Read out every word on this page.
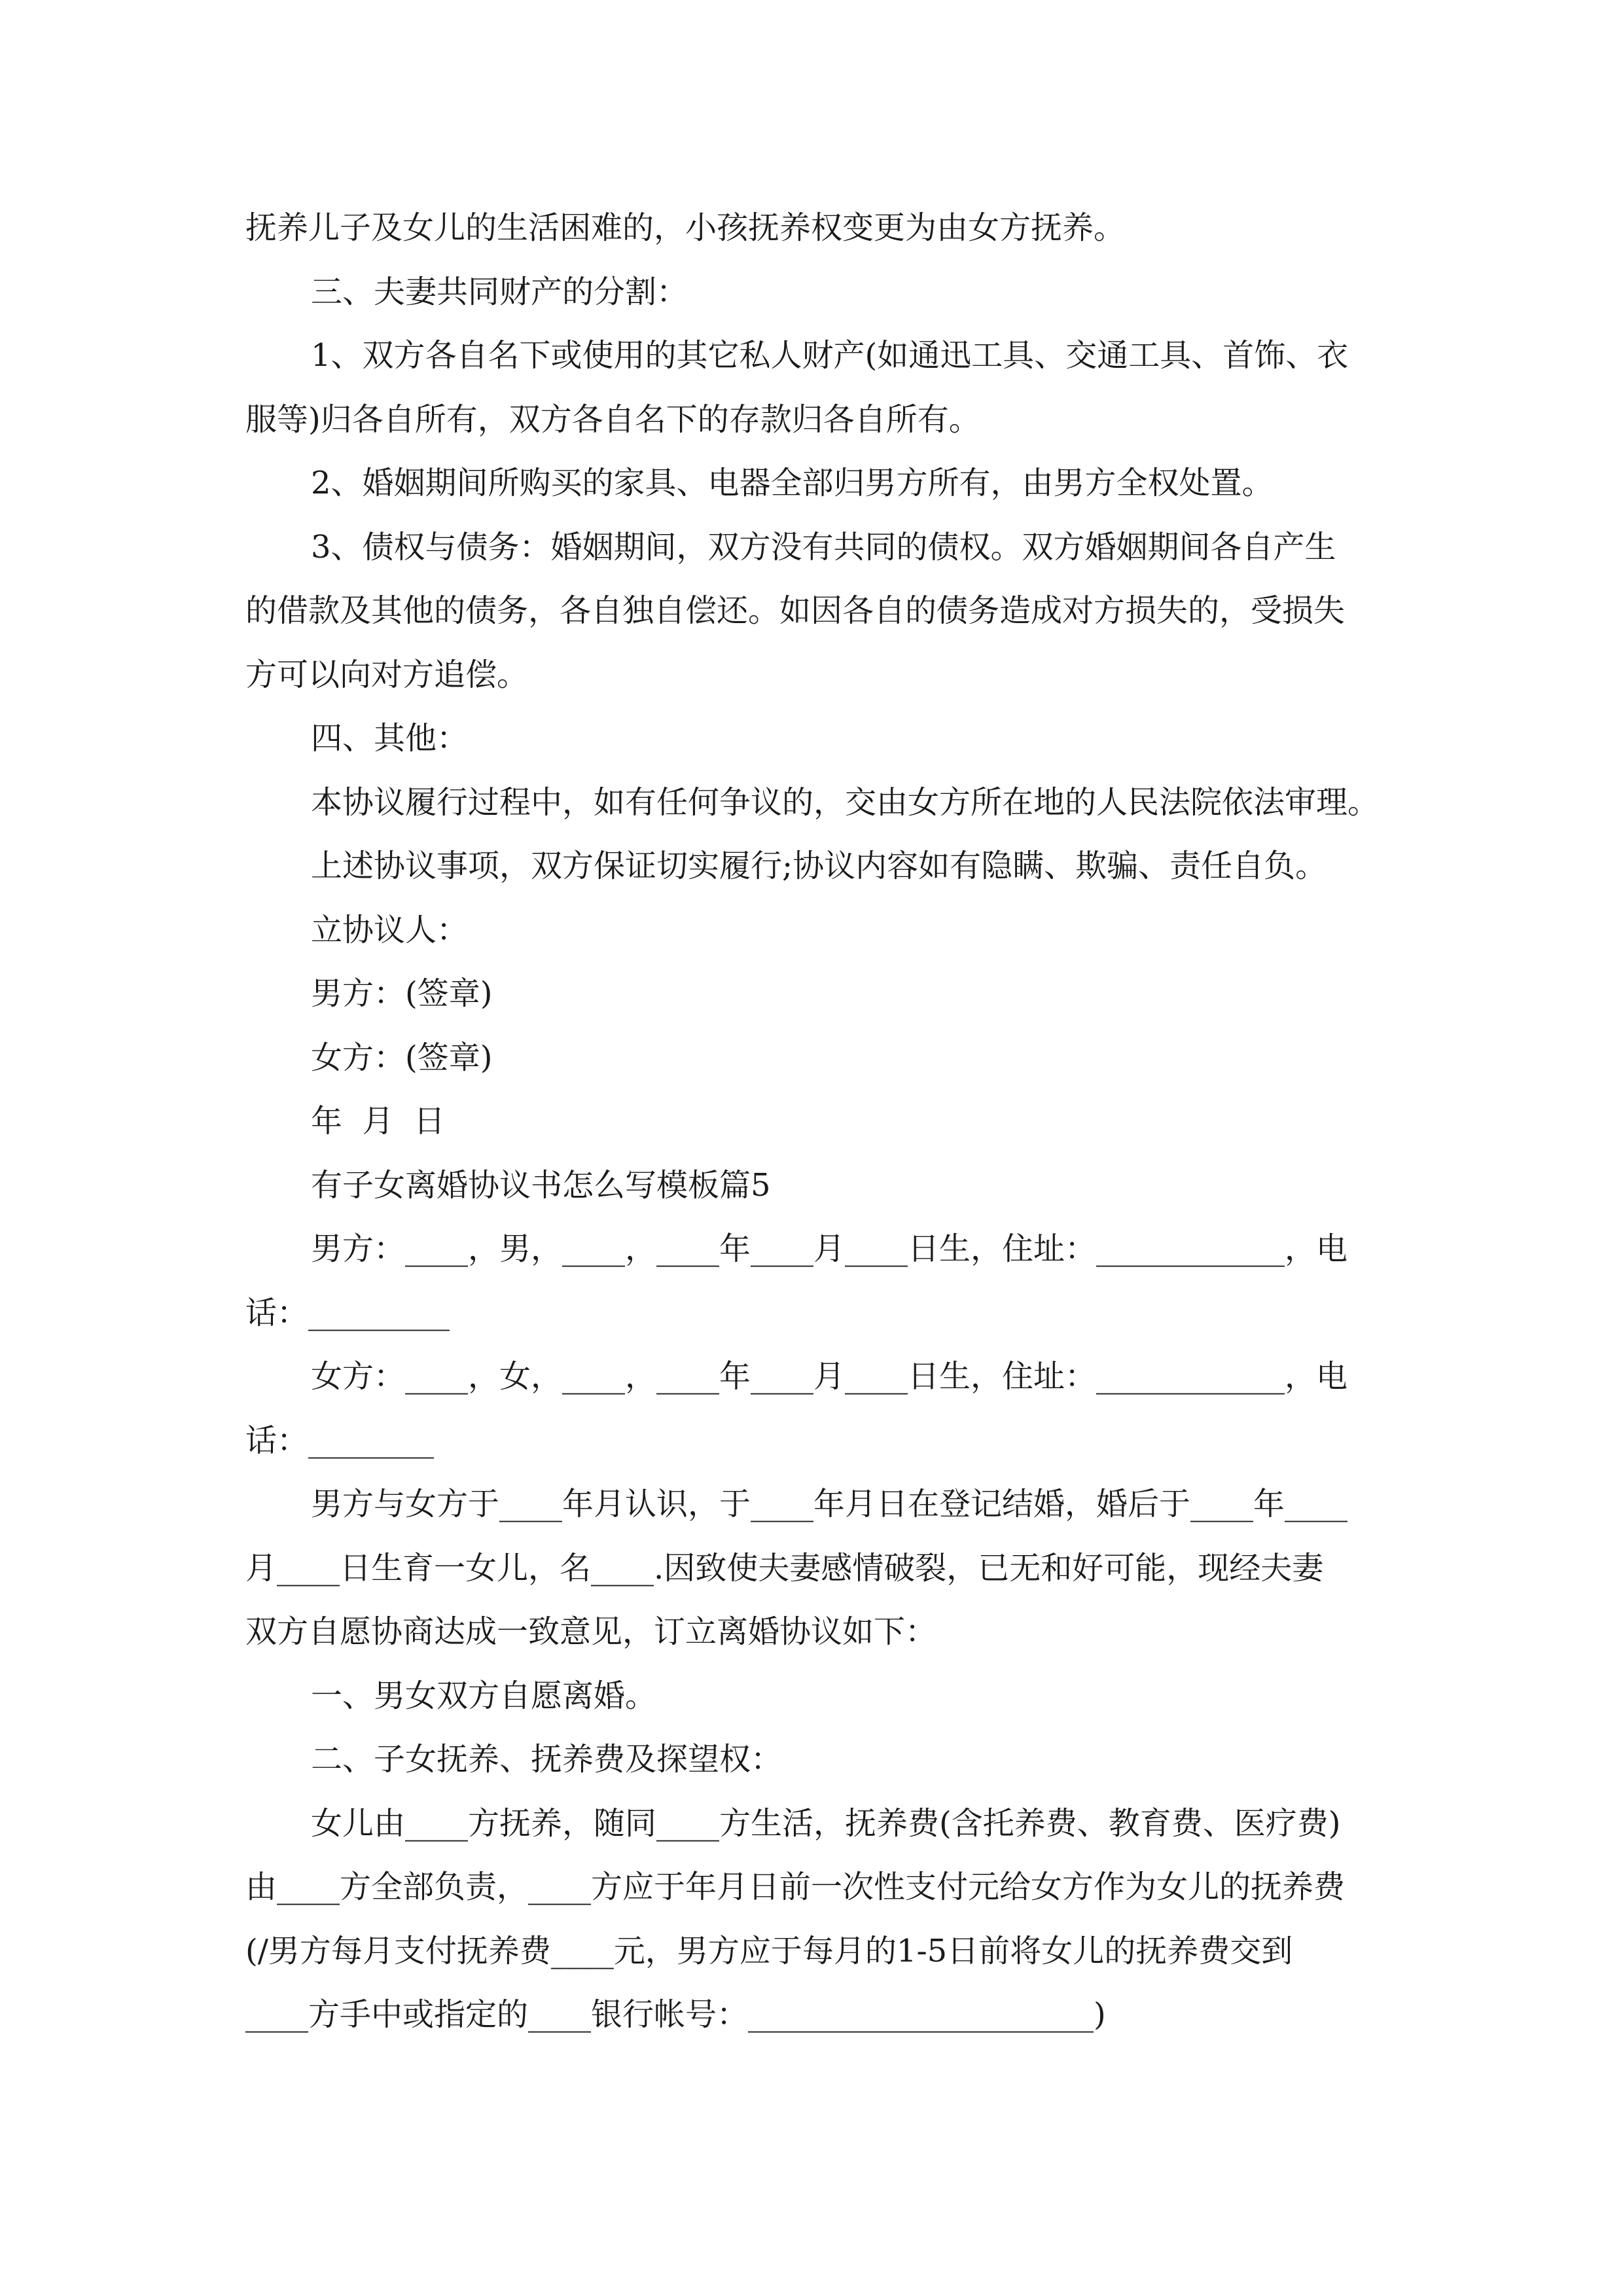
抚养儿子及女儿的生活困难的，小孩抚养权变更为由女方抚养。

三、夫妻共同财产的分割：

1、双方各自名下或使用的其它私人财产(如通迅工具、交通工具、首饰、衣

服等)归各自所有，双方各自名下的存款归各自所有。

2、婚姻期间所购买的家具、电器全部归男方所有，由男方全权处置。

3、债权与债务：婚姻期间，双方没有共同的债权。双方婚姻期间各自产生

的借款及其他的债务，各自独自偿还。如因各自的债务造成对方损失的，受损失

方可以向对方追偿。

四、其他：

本协议履行过程中，如有任何争议的，交由女方所在地的人民法院依法审理。

上述协议事项，双方保证切实履行;协议内容如有隐瞒、欺骗、责任自负。

立协议人：

男方：(签章)

女方：(签章)

年  月  日

有子女离婚协议书怎么写模板篇5

男方：____，男，____，____年____月____日生，住址：____________，电

话：_________

女方：____，女，____，____年____月____日生，住址：____________，电

话：________

男方与女方于____年月认识，于____年月日在登记结婚，婚后于____年____

月____日生育一女儿，名____.因致使夫妻感情破裂，已无和好可能，现经夫妻

双方自愿协商达成一致意见，订立离婚协议如下：

一、男女双方自愿离婚。

二、子女抚养、抚养费及探望权：

女儿由____方抚养，随同____方生活，抚养费(含托养费、教育费、医疗费)

由____方全部负责，____方应于年月日前一次性支付元给女方作为女儿的抚养费

(/男方每月支付抚养费____元，男方应于每月的1-5日前将女儿的抚养费交到

____方手中或指定的____银行帐号：______________________)
